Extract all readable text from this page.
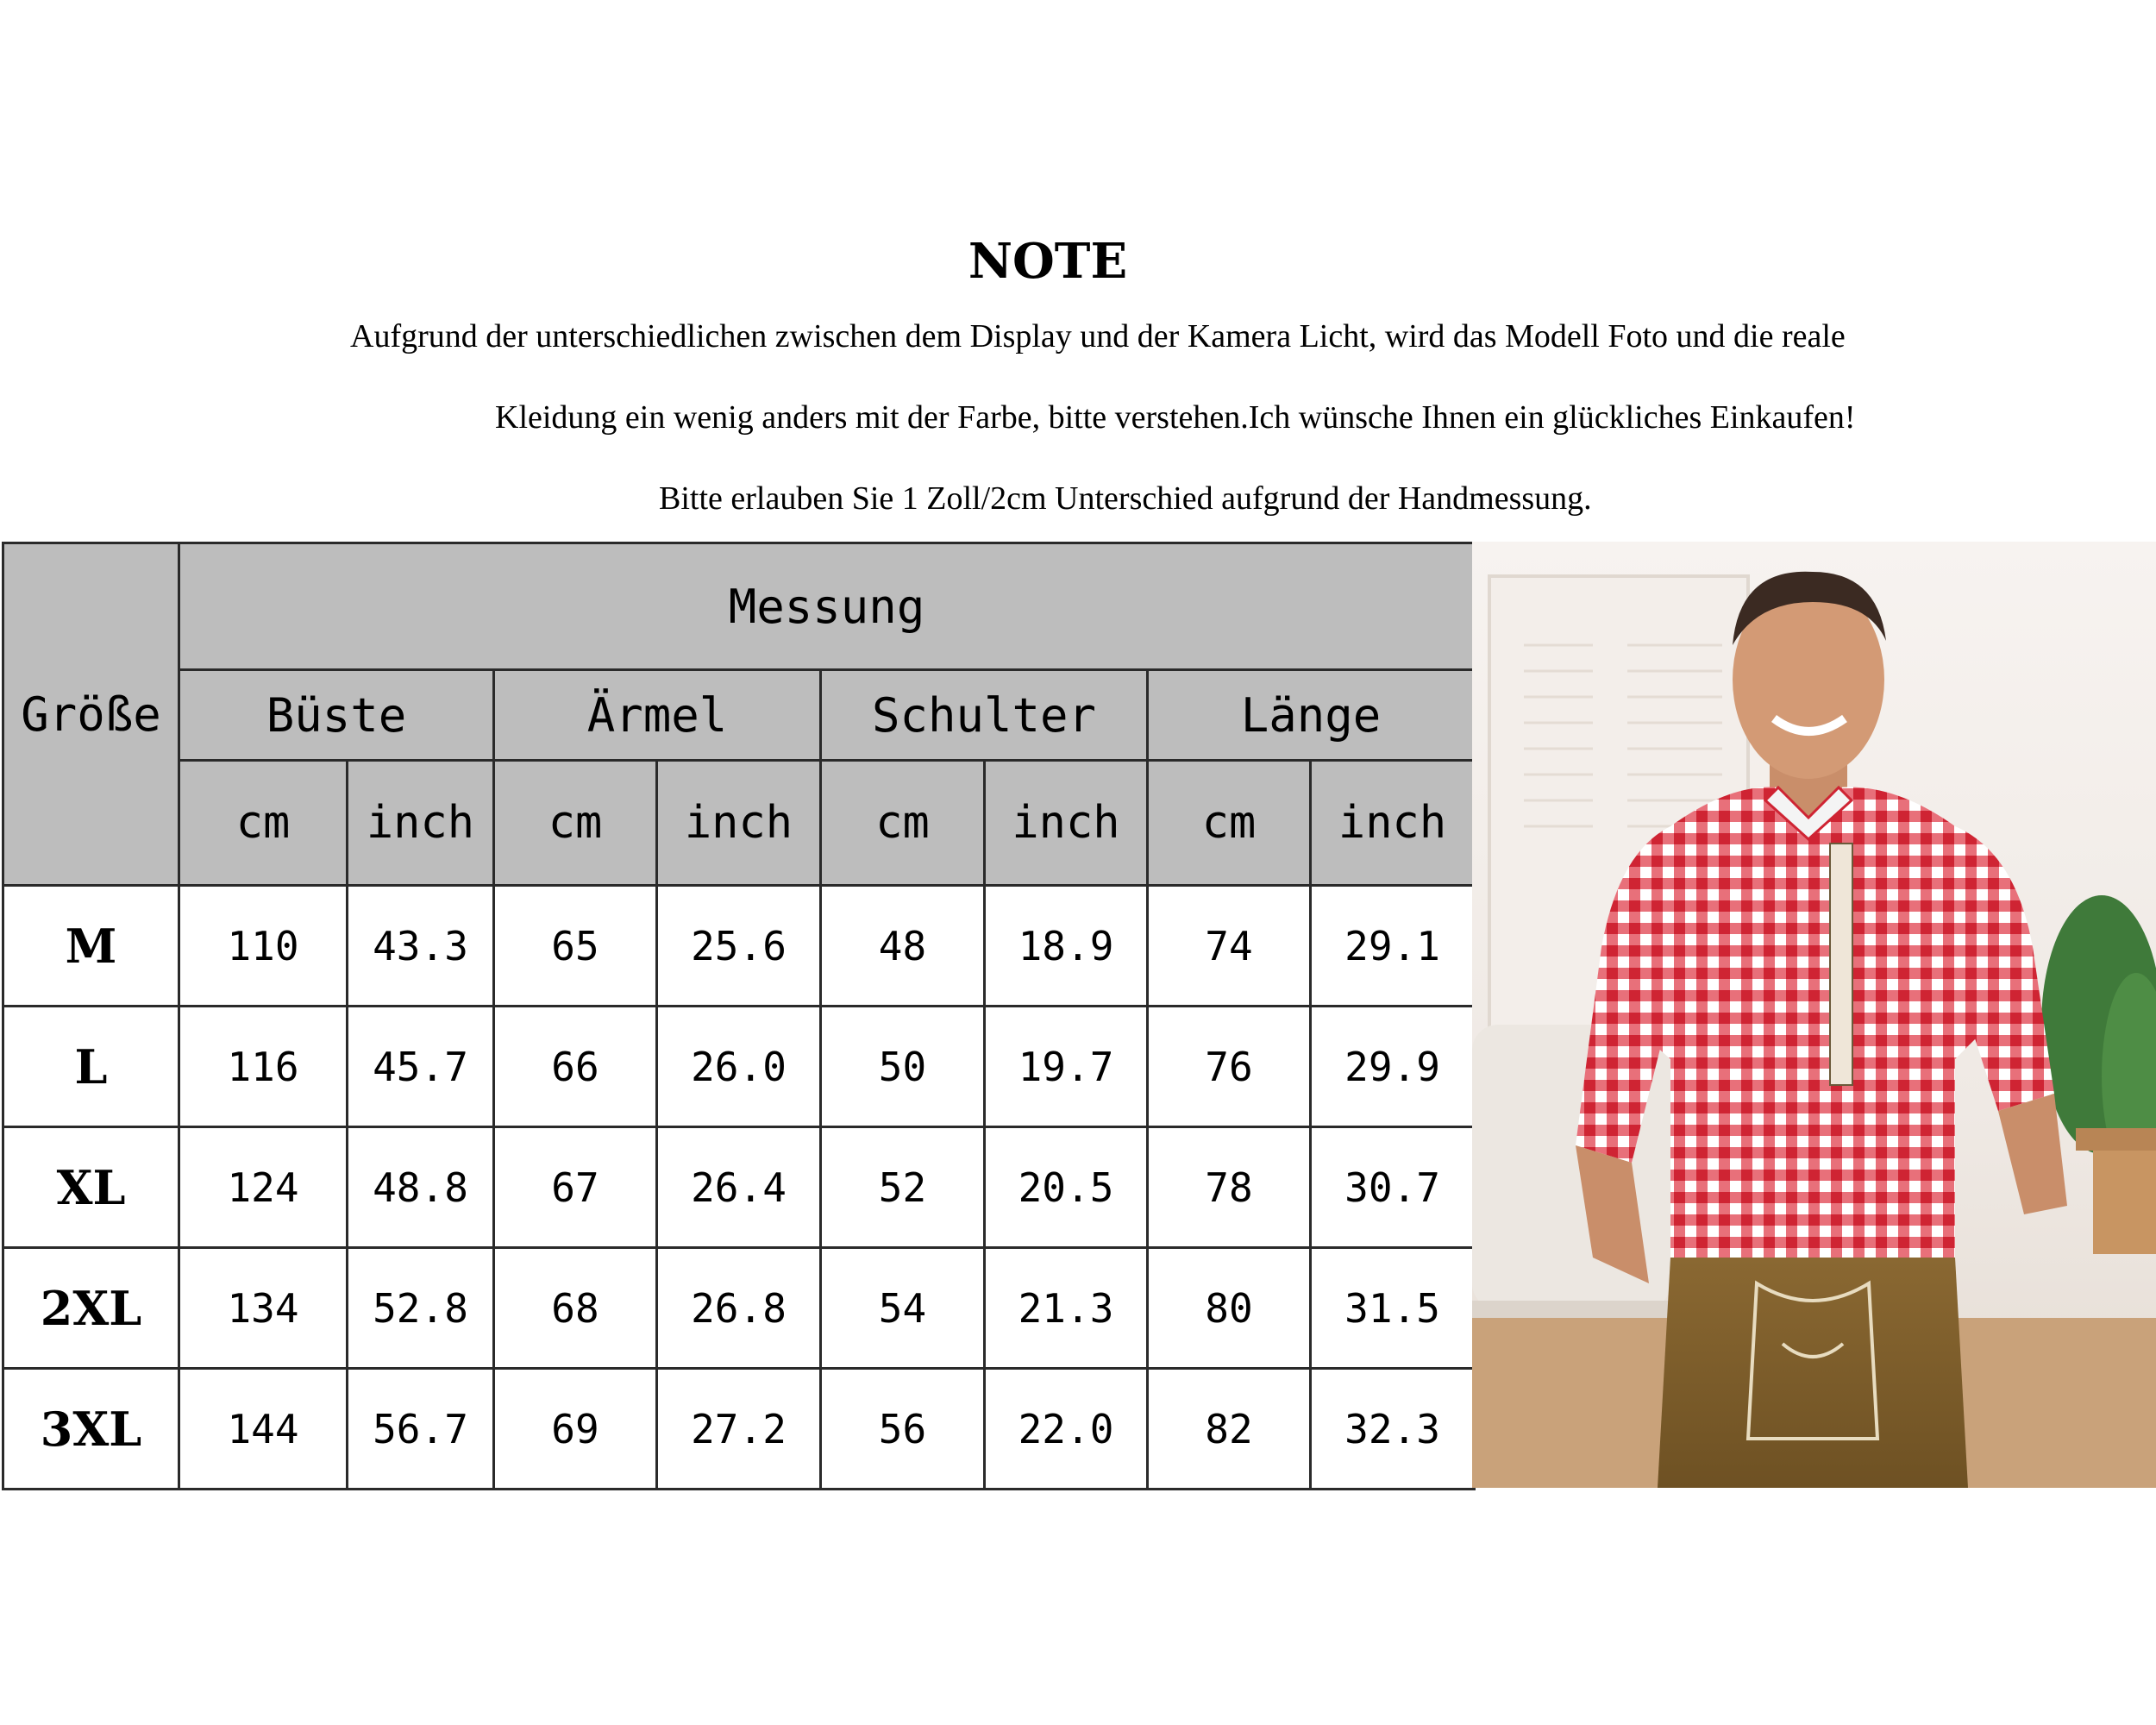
NOTE
Aufgrund der unterschiedlichen zwischen dem Display und der Kamera Licht, wird das Modell Foto und die reale
Kleidung ein wenig anders mit der Farbe, bitte verstehen.Ich wünsche Ihnen ein glückliches Einkaufen!
Bitte erlauben Sie 1 Zoll/2cm Unterschied aufgrund der Handmessung.
Größe	Messung							
	Büste		Ärmel		Schulter		Länge	
	cm	inch	cm	inch	cm	inch	cm	inch
M	110	43.3	65	25.6	48	18.9	74	29.1
L	116	45.7	66	26.0	50	19.7	76	29.9
XL	124	48.8	67	26.4	52	20.5	78	30.7
2XL	134	52.8	68	26.8	54	21.3	80	31.5
3XL	144	56.7	69	27.2	56	22.0	82	32.3
